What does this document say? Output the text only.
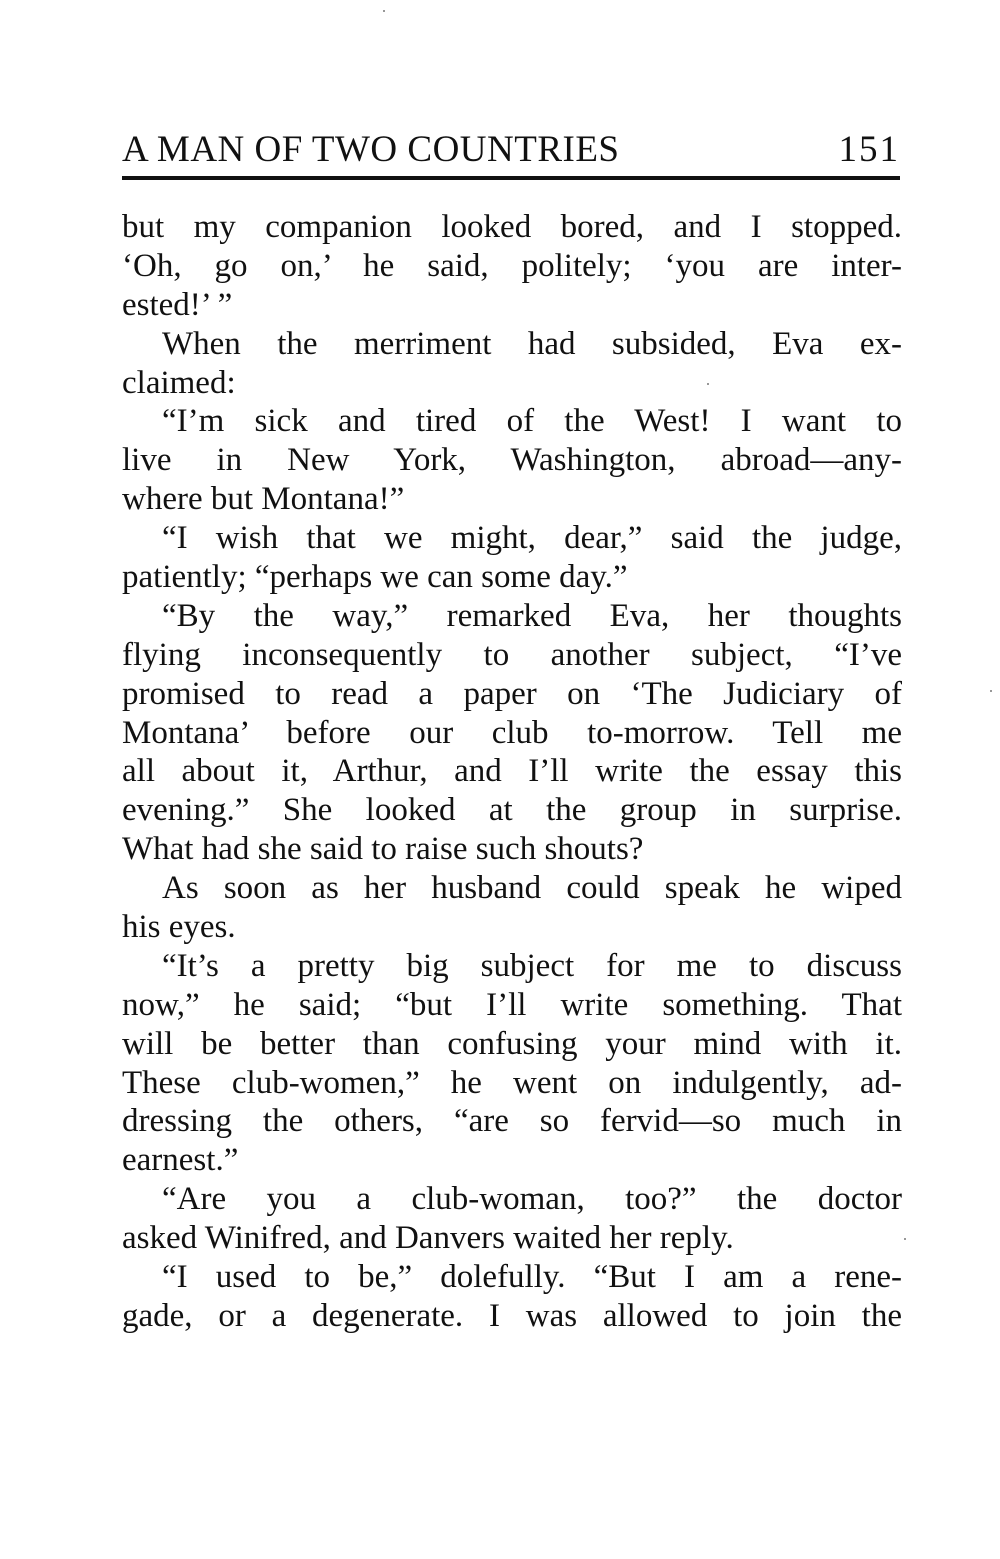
A MAN OF TWO COUNTRIES	151
but my companion looked bored, and I stopped.
‘Oh, go on,’ he said, politely; ‘you are inter-
ested!’ ”
When the merriment had subsided, Eva ex-
claimed:
“I’m sick and tired of the West! I want to
live in New York, Washington, abroad—any-
where but Montana!”
“I wish that we might, dear,” said the judge,
patiently; “perhaps we can some day.”
“By the way,” remarked Eva, her thoughts
flying inconsequently to another subject, “I’ve
promised to read a paper on ‘The Judiciary of
Montana’ before our club to-morrow. Tell me
all about it, Arthur, and I’ll write the essay this
evening.” She looked at the group in surprise.
What had she said to raise such shouts?
As soon as her husband could speak he wiped
his eyes.
“It’s a pretty big subject for me to discuss
now,” he said; “but I’ll write something. That
will be better than confusing your mind with it.
These club-women,” he went on indulgently, ad-
dressing the others, “are so fervid—so much in
earnest.”
“Are you a club-woman, too?” the doctor
asked Winifred, and Danvers waited her reply.
“I used to be,” dolefully. “But I am a rene-
gade, or a degenerate. I was allowed to join the
